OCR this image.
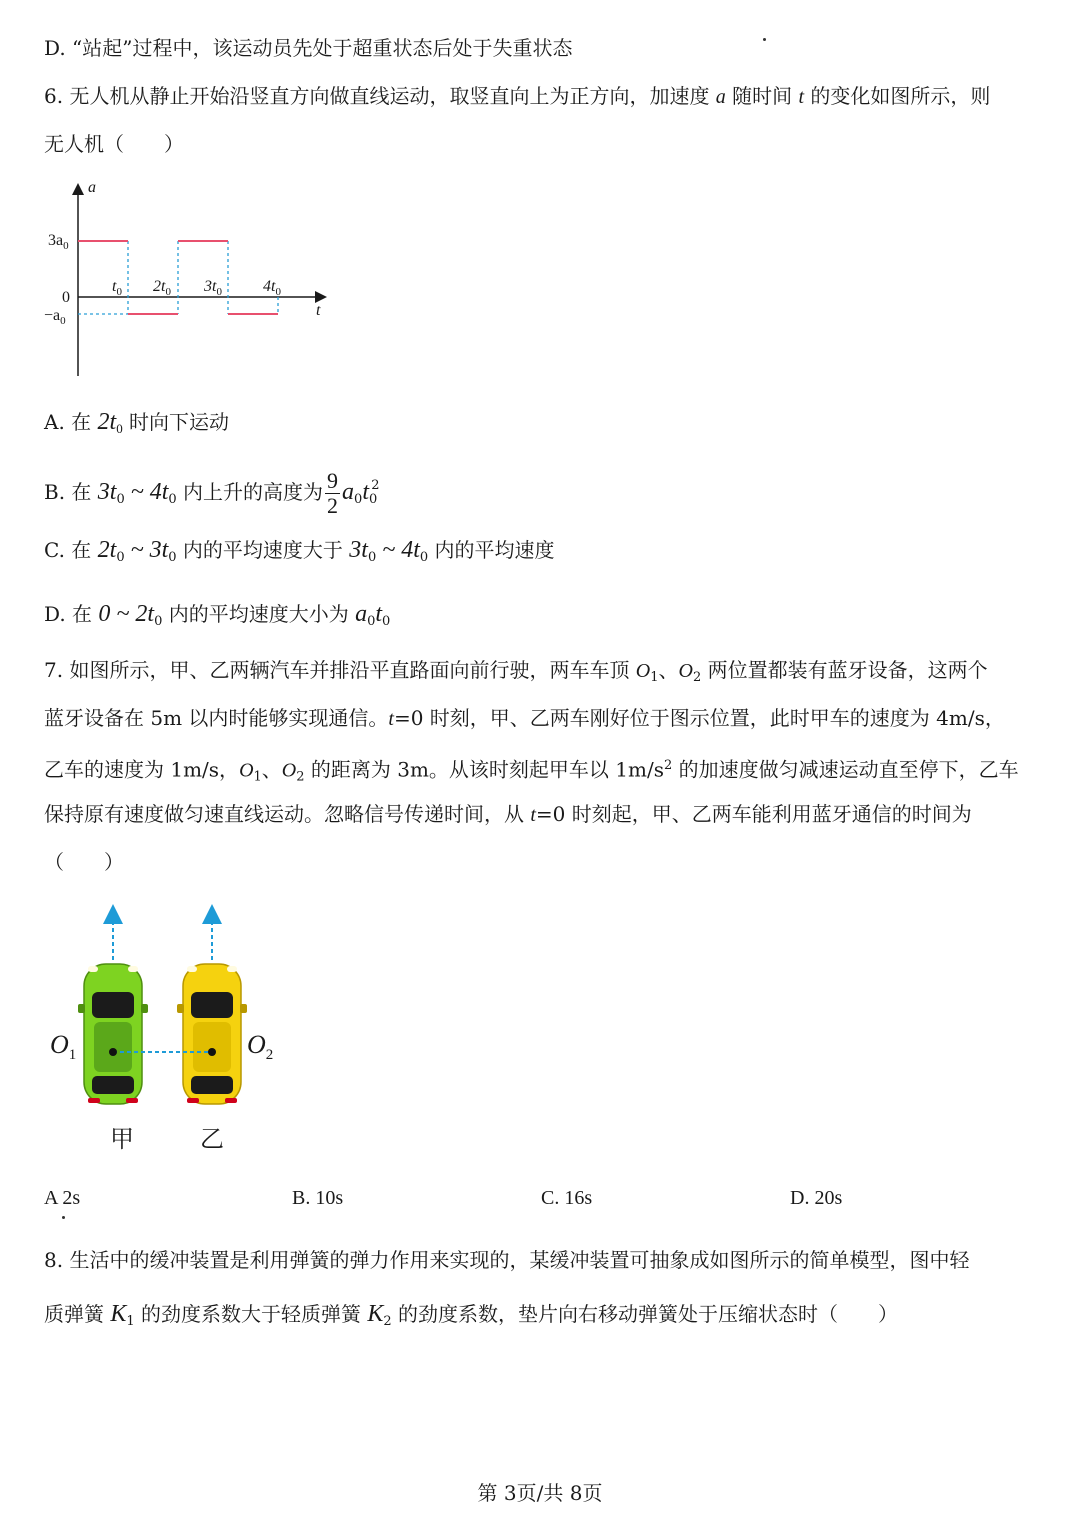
D. “站起”过程中，该运动员先处于超重状态后处于失重状态
6. 无人机从静止开始沿竖直方向做直线运动，取竖直向上为正方向，加速度 a 随时间 t 的变化如图所示，则
无人机（　　）
a
t
0
$3a_0$
$-a_0$
$t_0$ $2t_0$ $3t_0$	$4t_0$
A. 在 $2t_0$ 时向下运动
B. 在 $3t_0$ ~ $4t_0$ 内上升的高度为 $\frac{9}{2} a_0t_0^2$
C. 在 $2t_0$ ~ $3t_0$ 内的平均速度大于 $3t_0$ ~ $4t_0$ 内的平均速度
D. 在 0 ~ $2t_0$ 内的平均速度大小为 $a_0t_0$
7. 如图所示，甲、乙两辆汽车并排沿平直路面向前行驶，两车车顶 $O_1$、$O_2$ 两位置都装有蓝牙设备，这两个
蓝牙设备在 5m 以内时能够实现通信。t=0 时刻，甲、乙两车刚好位于图示位置，此时甲车的速度为 4m/s，
乙车的速度为 1m/s，$O_1$、$O_2$ 的距离为 3m。从该时刻起甲车以 $1m/s^2$ 的加速度做匀减速运动直至停下，乙车
保持原有速度做匀速直线运动。忽略信号传递时间，从 t=0 时刻起，甲、乙两车能利用蓝牙通信的时间为
（　　）
$O_1$	$O_2$
甲	乙
A 2s	B. 10s	C. 16s	D. 20s
8. 生活中的缓冲装置是利用弹簧的弹力作用来实现的，某缓冲装置可抽象成如图所示的简单模型，图中轻
质弹簧 $K_1$ 的劲度系数大于轻质弹簧 $K_2$ 的劲度系数，垫片向右移动弹簧处于压缩状态时（　　）
第 3页/共 8页
